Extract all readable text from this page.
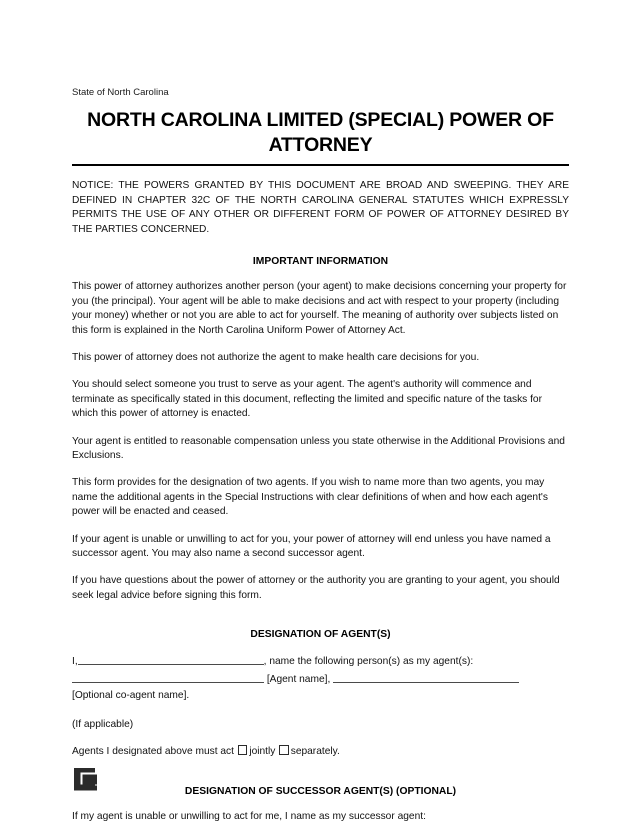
State of North Carolina
NORTH CAROLINA LIMITED (SPECIAL) POWER OF ATTORNEY
NOTICE: THE POWERS GRANTED BY THIS DOCUMENT ARE BROAD AND SWEEPING. THEY ARE DEFINED IN CHAPTER 32C OF THE NORTH CAROLINA GENERAL STATUTES WHICH EXPRESSLY PERMITS THE USE OF ANY OTHER OR DIFFERENT FORM OF POWER OF ATTORNEY DESIRED BY THE PARTIES CONCERNED.
IMPORTANT INFORMATION

This power of attorney authorizes another person (your agent) to make decisions concerning your property for you (the principal). Your agent will be able to make decisions and act with respect to your property (including your money) whether or not you are able to act for yourself. The meaning of authority over subjects listed on this form is explained in the North Carolina Uniform Power of Attorney Act.

This power of attorney does not authorize the agent to make health care decisions for you.

You should select someone you trust to serve as your agent. The agent's authority will commence and terminate as specifically stated in this document, reflecting the limited and specific nature of the tasks for which this power of attorney is enacted.

Your agent is entitled to reasonable compensation unless you state otherwise in the Additional Provisions and Exclusions.

This form provides for the designation of two agents. If you wish to name more than two agents, you may name the additional agents in the Special Instructions with clear definitions of when and how each agent's power will be enacted and ceased.

If your agent is unable or unwilling to act for you, your power of attorney will end unless you have named a successor agent. You may also name a second successor agent.

If you have questions about the power of attorney or the authority you are granting to your agent, you should seek legal advice before signing this form.

DESIGNATION OF AGENT(S)

I,	, name the following person(s) as my agent(s):

[Agent name],

[Optional co-agent name].

(If applicable)

Agents I designated above must act jointly separately.

DESIGNATION OF SUCCESSOR AGENT(S) (OPTIONAL)

If my agent is unable or unwilling to act for me, I name as my successor agent:
